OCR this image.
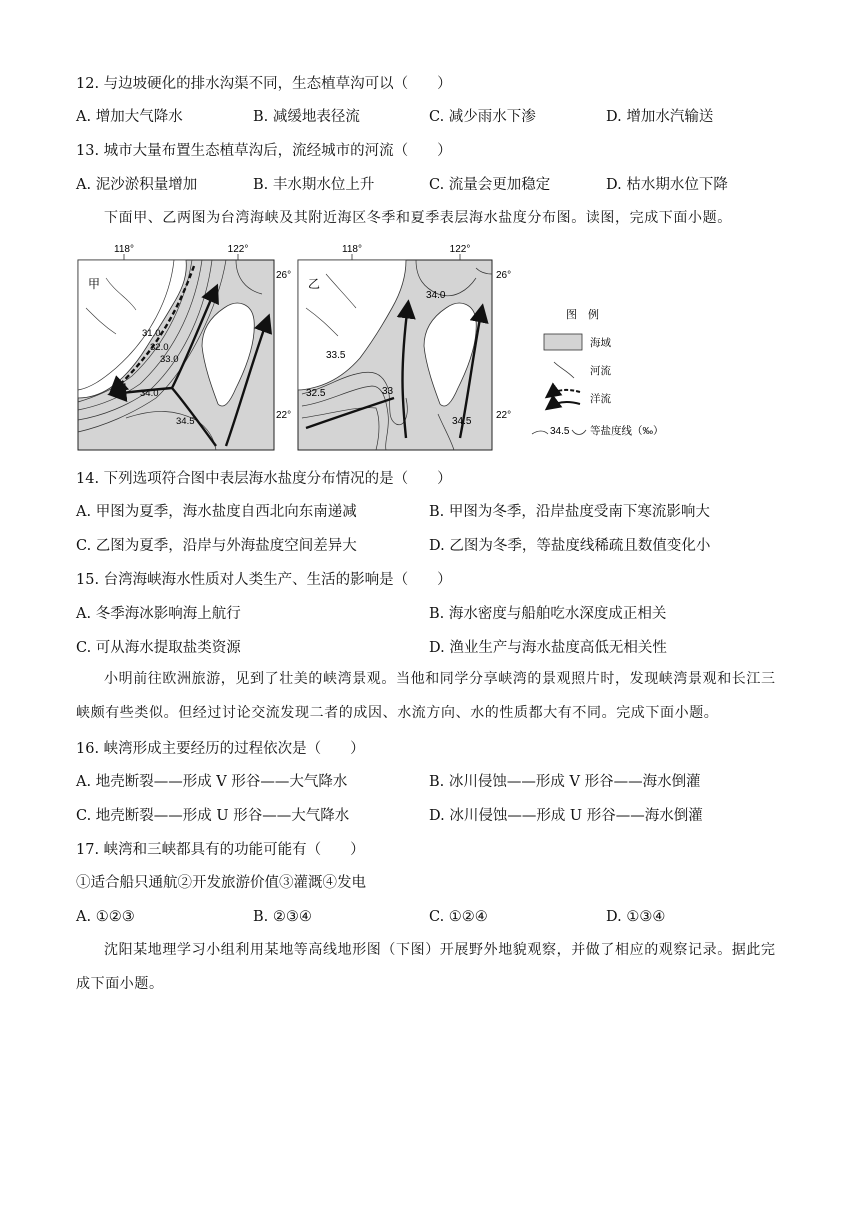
12. 与边坡硬化的排水沟渠不同，生态植草沟可以（　　）
A. 增加大气降水	B. 减缓地表径流	C. 减少雨水下渗	D. 增加水汽输送
13. 城市大量布置生态植草沟后，流经城市的河流（　　）
A. 泥沙淤积量增加	B. 丰水期水位上升	C. 流量会更加稳定	D. 枯水期水位下降
下面甲、乙两图为台湾海峡及其附近海区冬季和夏季表层海水盐度分布图。读图，完成下面小题。
118°	122°
31.0
32.0
33.0
34.0
34.5
甲
26°
22°
118°	122°
34.0
33.5
32.5	33
34.5
乙
26°
22°
图　例
海域
河流
洋流
34.5 等盐度线（‰）
14. 下列选项符合图中表层海水盐度分布情况的是（　　）
A. 甲图为夏季，海水盐度自西北向东南递减	B. 甲图为冬季，沿岸盐度受南下寒流影响大
C. 乙图为夏季，沿岸与外海盐度空间差异大	D. 乙图为冬季，等盐度线稀疏且数值变化小
15. 台湾海峡海水性质对人类生产、生活的影响是（　　）
A. 冬季海冰影响海上航行	B. 海水密度与船舶吃水深度成正相关
C. 可从海水提取盐类资源	D. 渔业生产与海水盐度高低无相关性
小明前往欧洲旅游，见到了壮美的峡湾景观。当他和同学分享峡湾的景观照片时，发现峡湾景观和长江三峡颇有些类似。但经过讨论交流发现二者的成因、水流方向、水的性质都大有不同。完成下面小题。
16. 峡湾形成主要经历的过程依次是（　　）
A. 地壳断裂——形成 V 形谷——大气降水	B. 冰川侵蚀——形成 V 形谷——海水倒灌
C. 地壳断裂——形成 U 形谷——大气降水	D. 冰川侵蚀——形成 U 形谷——海水倒灌
17. 峡湾和三峡都具有的功能可能有（　　）
①适合船只通航②开发旅游价值③灌溉④发电
A. ①②③	B. ②③④	C. ①②④	D. ①③④
沈阳某地理学习小组利用某地等高线地形图（下图）开展野外地貌观察，并做了相应的观察记录。据此完成下面小题。
